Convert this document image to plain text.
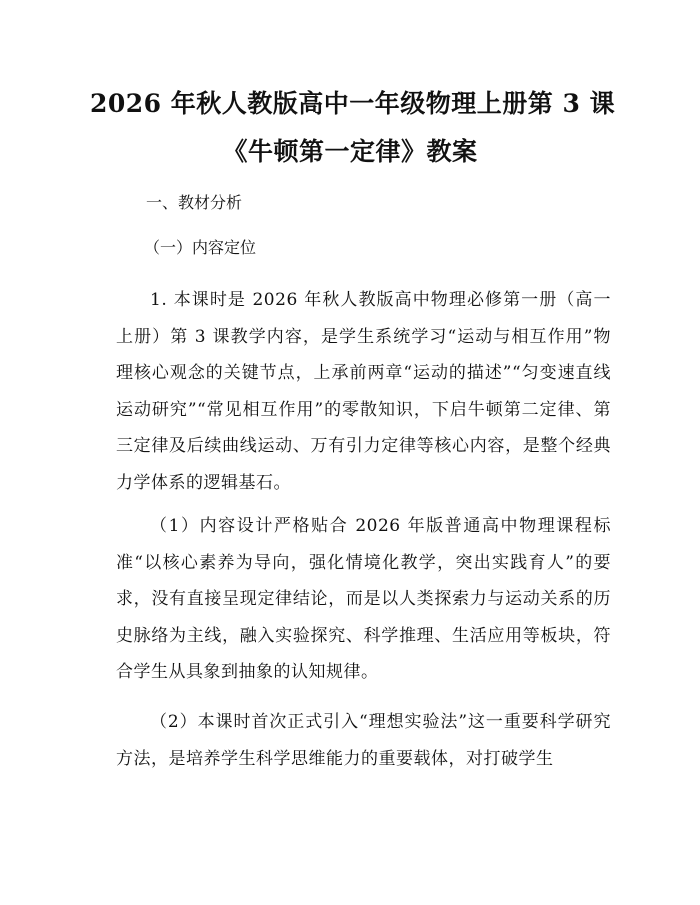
2026 年秋人教版高中一年级物理上册第 3 课
《牛顿第一定律》教案
一、教材分析
（一）内容定位
1. 本课时是 2026 年秋人教版高中物理必修第一册（高一上册）第 3 课教学内容，是学生系统学习“运动与相互作用”物理核心观念的关键节点，上承前两章“运动的描述”“匀变速直线运动研究”“常见相互作用”的零散知识，下启牛顿第二定律、第三定律及后续曲线运动、万有引力定律等核心内容，是整个经典力学体系的逻辑基石。
（1）内容设计严格贴合 2026 年版普通高中物理课程标准“以核心素养为导向，强化情境化教学，突出实践育人”的要求，没有直接呈现定律结论，而是以人类探索力与运动关系的历史脉络为主线，融入实验探究、科学推理、生活应用等板块，符合学生从具象到抽象的认知规律。
（2）本课时首次正式引入“理想实验法”这一重要科学研究方法，是培养学生科学思维能力的重要载体，对打破学生
